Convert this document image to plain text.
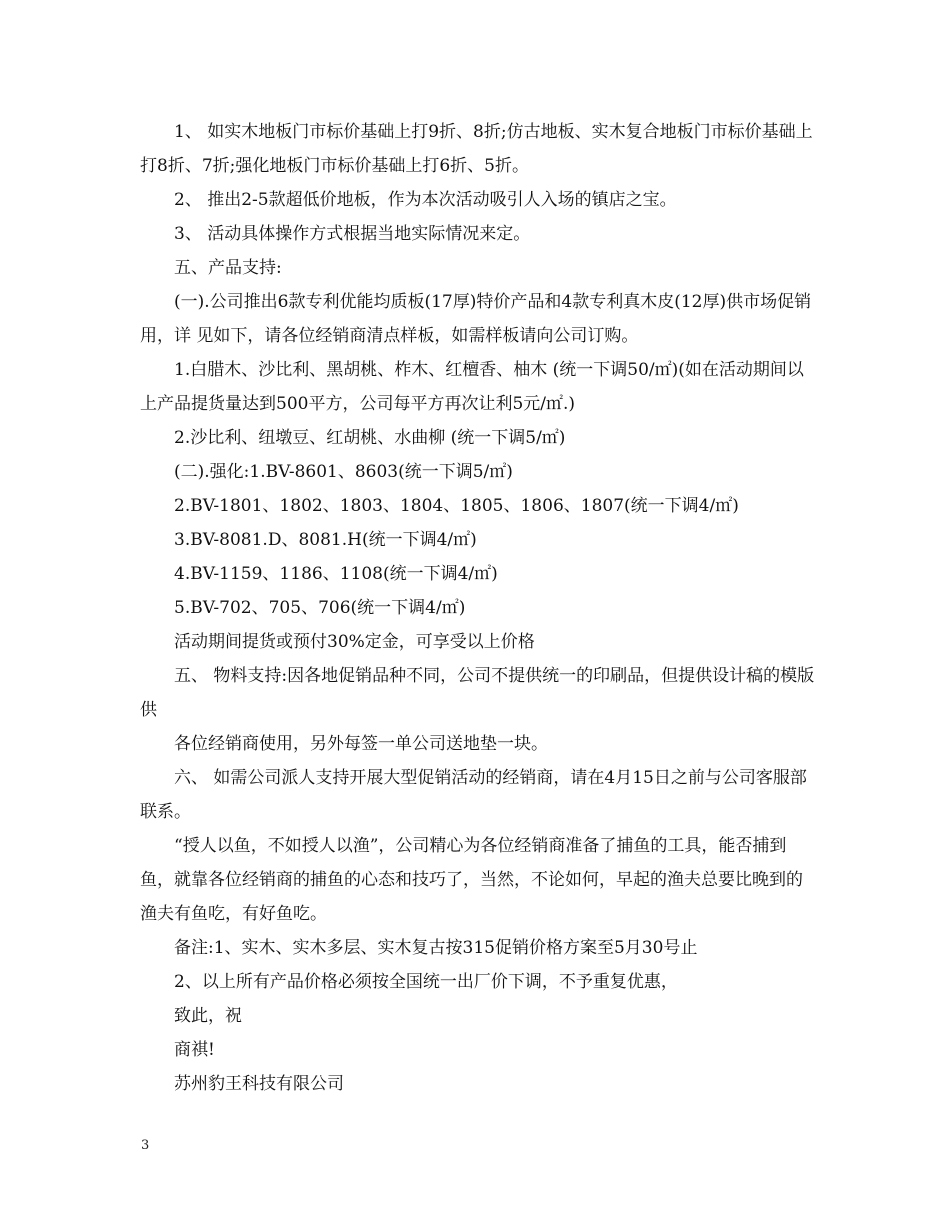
1、 如实木地板门市标价基础上打9折、8折;仿古地板、实木复合地板门市标价基础上打8折、7折;强化地板门市标价基础上打6折、5折。

2、 推出2-5款超低价地板，作为本次活动吸引人入场的镇店之宝。

3、 活动具体操作方式根据当地实际情况来定。

五、产品支持:

(一).公司推出6款专利优能均质板(17厚)特价产品和4款专利真木皮(12厚)供市场促销用，详 见如下，请各位经销商清点样板，如需样板请向公司订购。

1.白腊木、沙比利、黑胡桃、柞木、红檀香、柚木 (统一下调50/㎡)(如在活动期间以上产品提货量达到500平方，公司每平方再次让利5元/㎡.)

2.沙比利、纽墩豆、红胡桃、水曲柳 (统一下调5/㎡)

(二).强化:1.BV-8601、8603(统一下调5/㎡)

2.BV-1801、1802、1803、1804、1805、1806、1807(统一下调4/㎡)

3.BV-8081.D、8081.H(统一下调4/㎡)

4.BV-1159、1186、1108(统一下调4/㎡)

5.BV-702、705、706(统一下调4/㎡)

活动期间提货或预付30%定金，可享受以上价格

五、 物料支持:因各地促销品种不同，公司不提供统一的印刷品，但提供设计稿的模版供

各位经销商使用，另外每签一单公司送地垫一块。

六、 如需公司派人支持开展大型促销活动的经销商，请在4月15日之前与公司客服部联系。

“授人以鱼，不如授人以渔”，公司精心为各位经销商准备了捕鱼的工具，能否捕到鱼，就靠各位经销商的捕鱼的心态和技巧了，当然，不论如何，早起的渔夫总要比晚到的渔夫有鱼吃，有好鱼吃。

备注:1、实木、实木多层、实木复古按315促销价格方案至5月30号止

2、以上所有产品价格必须按全国统一出厂价下调，不予重复优惠，

致此，祝

商祺!

苏州豹王科技有限公司

3
